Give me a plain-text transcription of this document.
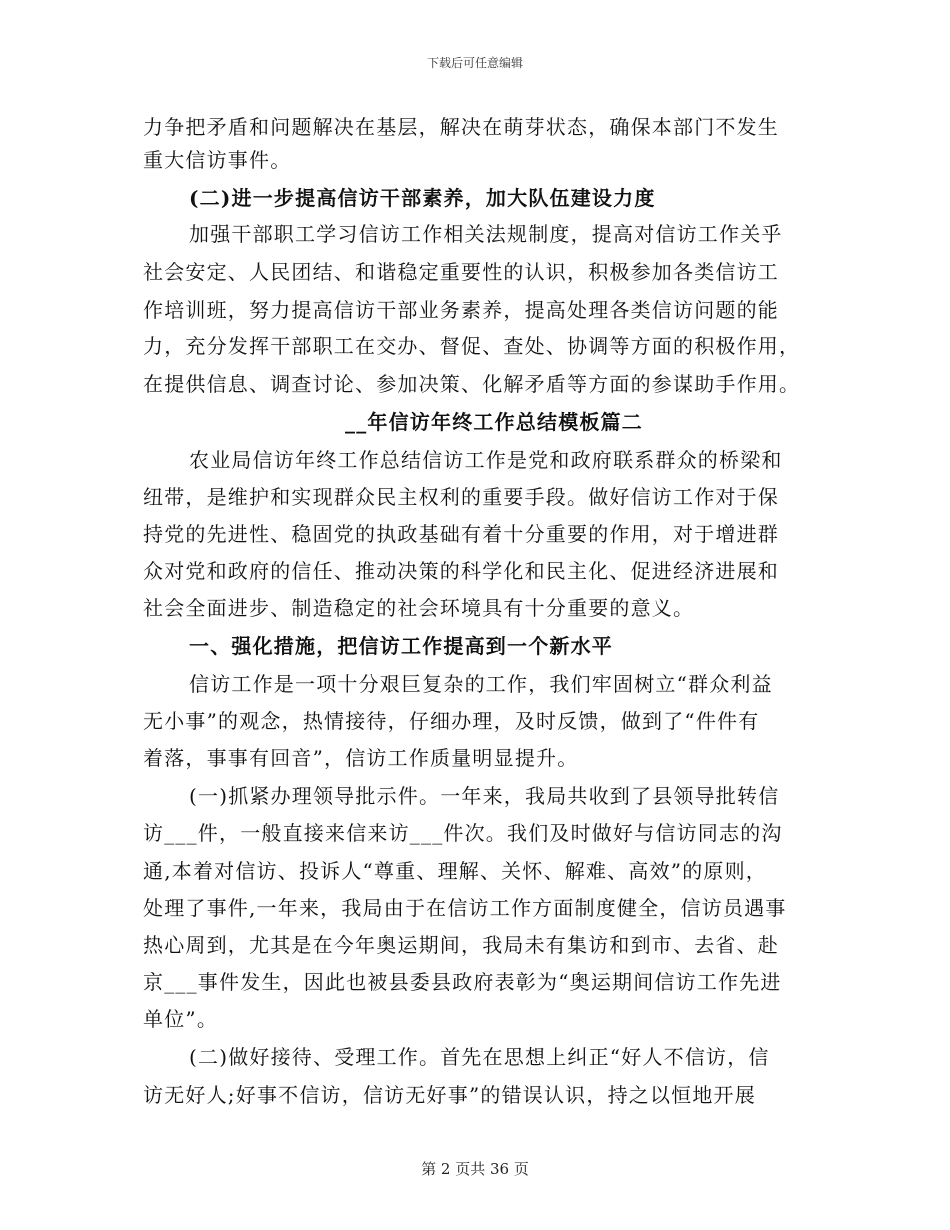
下载后可任意编辑
力争把矛盾和问题解决在基层，解决在萌芽状态，确保本部门不发生
重大信访事件。
(二)进一步提高信访干部素养，加大队伍建设力度
加强干部职工学习信访工作相关法规制度，提高对信访工作关乎
社会安定、人民团结、和谐稳定重要性的认识，积极参加各类信访工
作培训班，努力提高信访干部业务素养，提高处理各类信访问题的能
力，充分发挥干部职工在交办、督促、查处、协调等方面的积极作用，
在提供信息、调查讨论、参加决策、化解矛盾等方面的参谋助手作用。
__年信访年终工作总结模板篇二
农业局信访年终工作总结信访工作是党和政府联系群众的桥梁和
纽带，是维护和实现群众民主权利的重要手段。做好信访工作对于保
持党的先进性、稳固党的执政基础有着十分重要的作用，对于增进群
众对党和政府的信任、推动决策的科学化和民主化、促进经济进展和
社会全面进步、制造稳定的社会环境具有十分重要的意义。
一、强化措施，把信访工作提高到一个新水平
信访工作是一项十分艰巨复杂的工作，我们牢固树立“群众利益
无小事”的观念，热情接待，仔细办理，及时反馈，做到了“件件有
着落，事事有回音”，信访工作质量明显提升。
(一)抓紧办理领导批示件。一年来，我局共收到了县领导批转信
访___件，一般直接来信来访___件次。我们及时做好与信访同志的沟
通,本着对信访、投诉人“尊重、理解、关怀、解难、高效”的原则，
处理了事件,一年来，我局由于在信访工作方面制度健全，信访员遇事
热心周到，尤其是在今年奥运期间，我局未有集访和到市、去省、赴
京___事件发生，因此也被县委县政府表彰为“奥运期间信访工作先进
单位”。
(二)做好接待、受理工作。首先在思想上纠正“好人不信访，信
访无好人;好事不信访，信访无好事”的错误认识，持之以恒地开展
第 2 页共 36 页
